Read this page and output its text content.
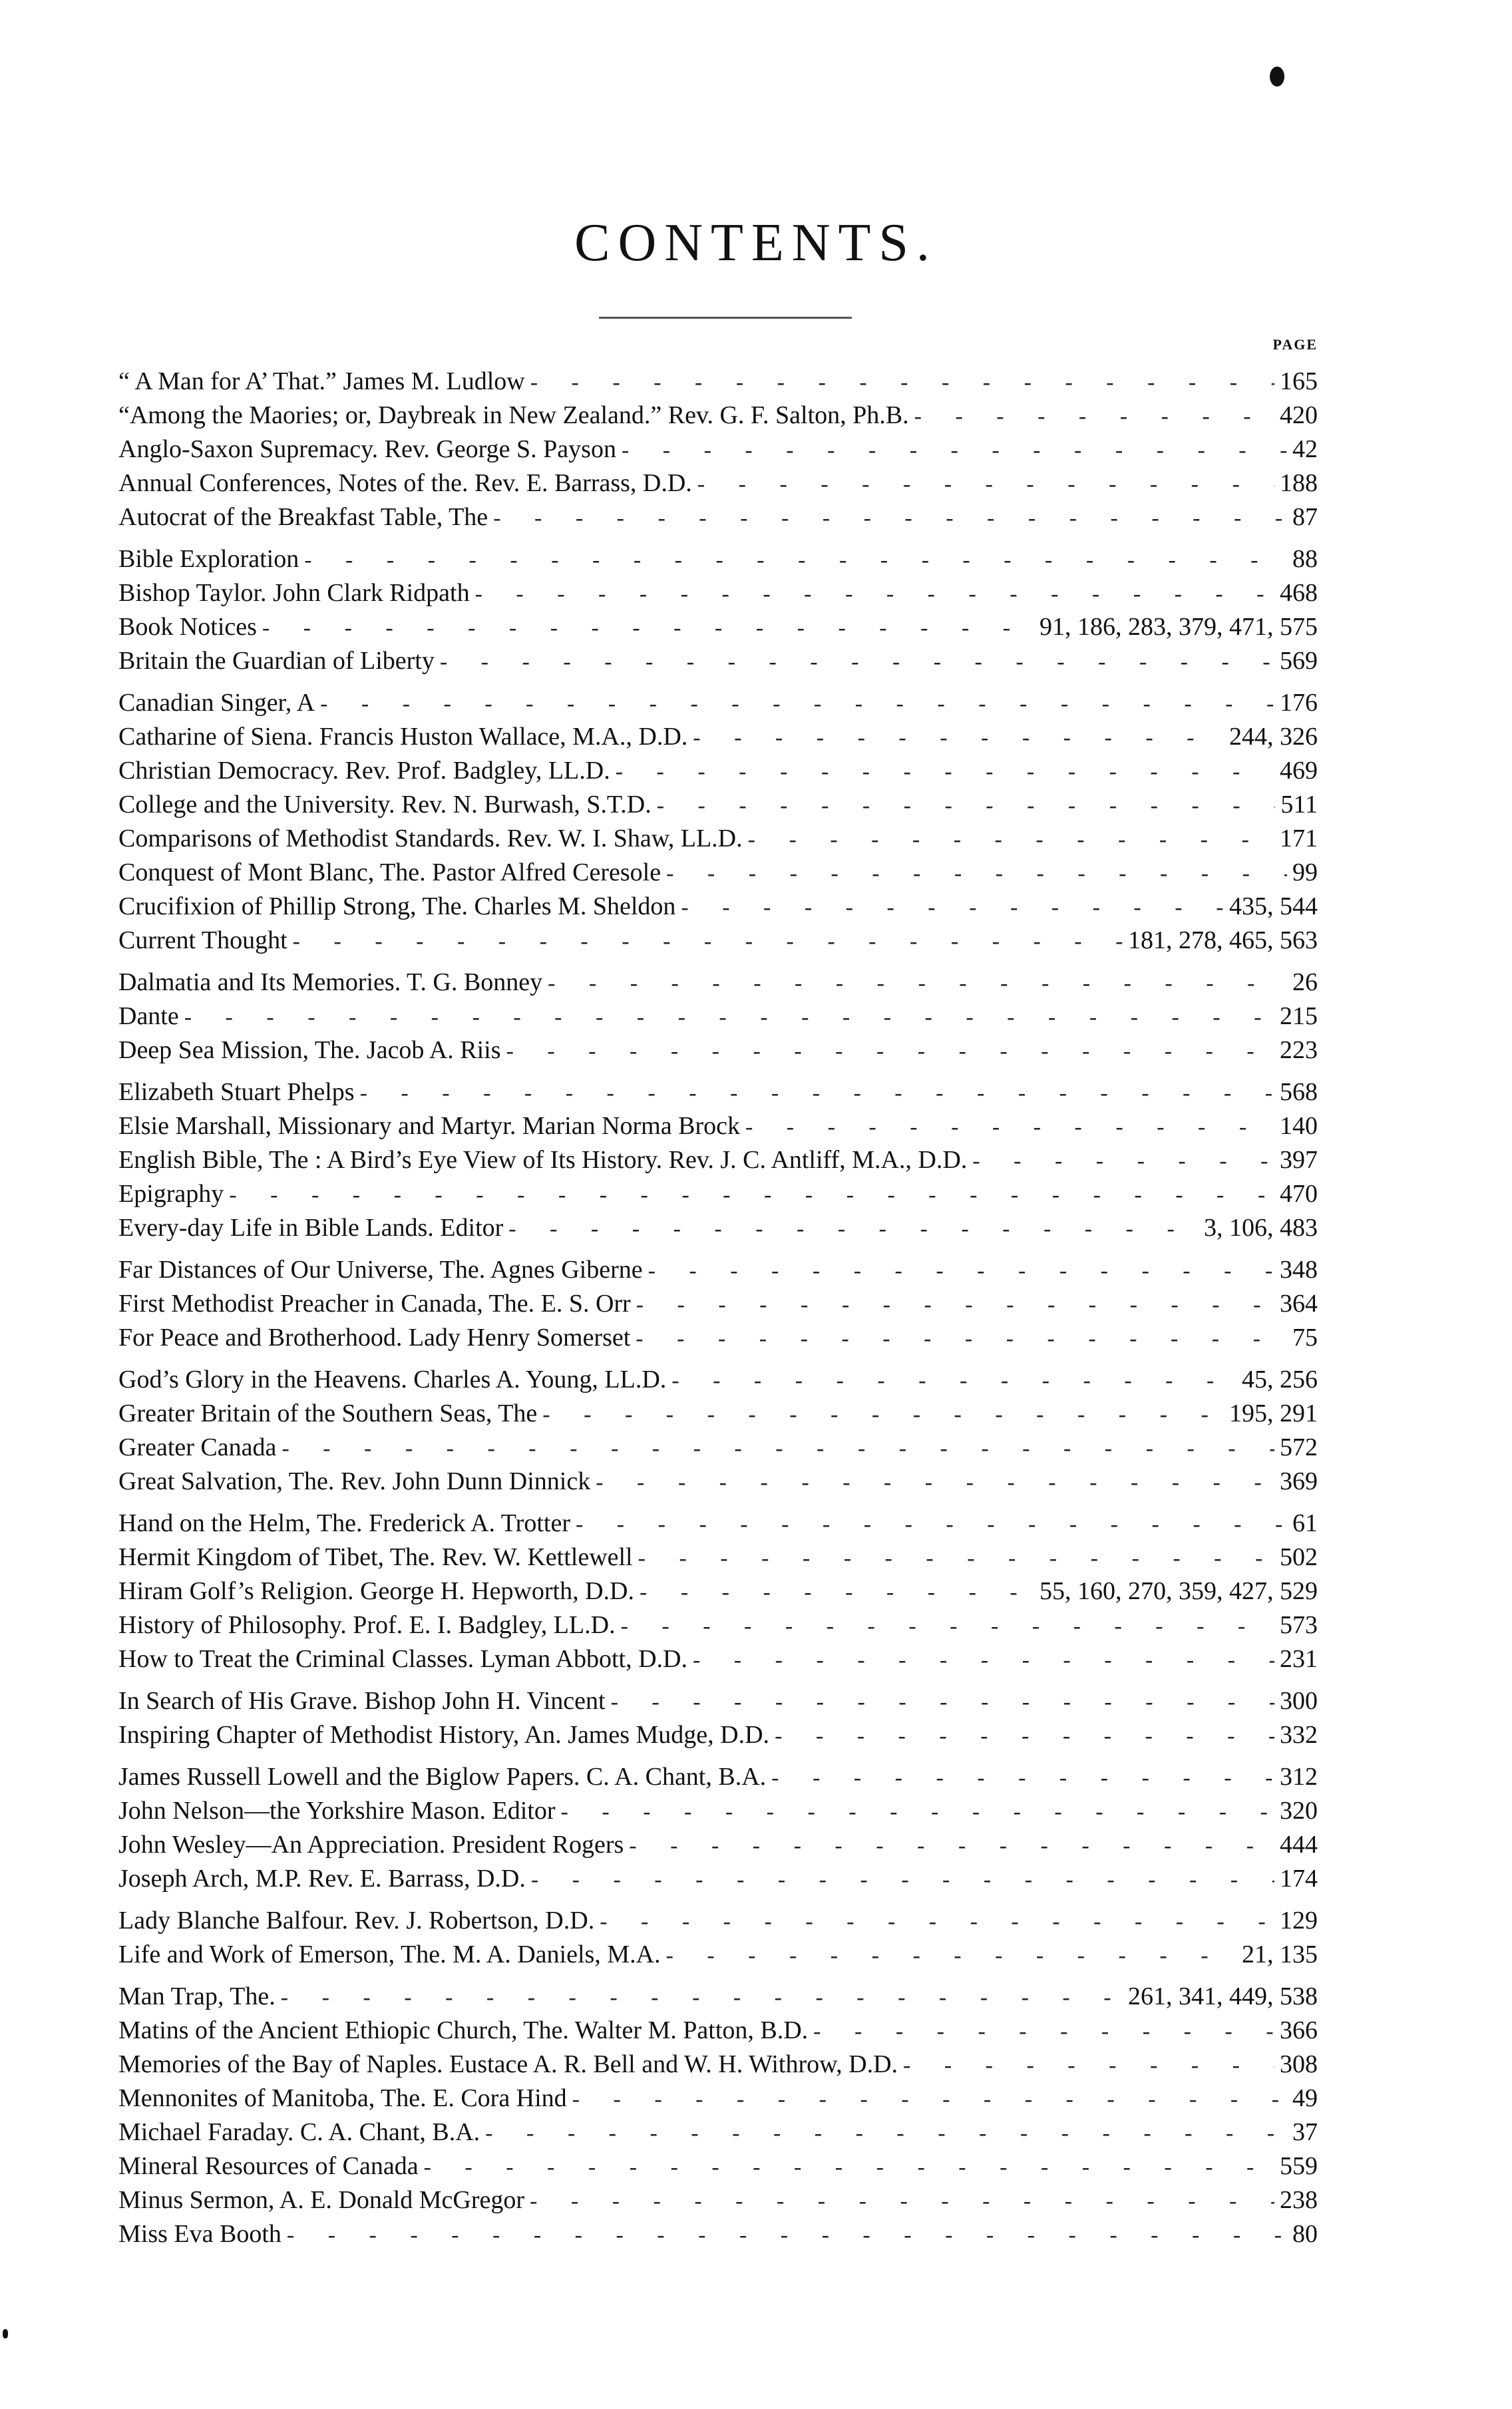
CONTENTS.
PAGE
“ A Man for A’ That.” James M. Ludlow - - -	165
“Among the Maories; or, Daybreak in New Zealand.” Rev. G. F. Salton, Ph.B. - - -	420
Anglo-Saxon Supremacy. Rev. George S. Payson - - -	42
Annual Conferences, Notes of the. Rev. E. Barrass, D.D. - - -	188
Autocrat of the Breakfast Table, The - - -	87
Bible Exploration - - -	88
Bishop Taylor. John Clark Ridpath - - -	468
Book Notices - - -	91, 186, 283, 379, 471, 575
Britain the Guardian of Liberty - - -	569
Canadian Singer, A - - -	176
Catharine of Siena. Francis Huston Wallace, M.A., D.D. - - -	244, 326
Christian Democracy. Rev. Prof. Badgley, LL.D. - - -	469
College and the University. Rev. N. Burwash, S.T.D. - - -	511
Comparisons of Methodist Standards. Rev. W. I. Shaw, LL.D. - - -	171
Conquest of Mont Blanc, The. Pastor Alfred Ceresole - - -	99
Crucifixion of Phillip Strong, The. Charles M. Sheldon - - -	435, 544
Current Thought - - -	181, 278, 465, 563
Dalmatia and Its Memories. T. G. Bonney - - -	26
Dante - - -	215
Deep Sea Mission, The. Jacob A. Riis - - -	223
Elizabeth Stuart Phelps - - -	568
Elsie Marshall, Missionary and Martyr. Marian Norma Brock - - -	140
English Bible, The : A Bird’s Eye View of Its History. Rev. J. C. Antliff, M.A., D.D. - - -	397
Epigraphy - - -	470
Every-day Life in Bible Lands. Editor - - -	3, 106, 483
Far Distances of Our Universe, The. Agnes Giberne - - -	348
First Methodist Preacher in Canada, The. E. S. Orr - - -	364
For Peace and Brotherhood. Lady Henry Somerset - - -	75
God’s Glory in the Heavens. Charles A. Young, LL.D. - - -	45, 256
Greater Britain of the Southern Seas, The - - -	195, 291
Greater Canada - - -	572
Great Salvation, The. Rev. John Dunn Dinnick - - -	369
Hand on the Helm, The. Frederick A. Trotter - - -	61
Hermit Kingdom of Tibet, The. Rev. W. Kettlewell - - -	502
Hiram Golf’s Religion. George H. Hepworth, D.D. - - -	55, 160, 270, 359, 427, 529
History of Philosophy. Prof. E. I. Badgley, LL.D. - - -	573
How to Treat the Criminal Classes. Lyman Abbott, D.D. - - -	231
In Search of His Grave. Bishop John H. Vincent - - -	300
Inspiring Chapter of Methodist History, An. James Mudge, D.D. - - -	332
James Russell Lowell and the Biglow Papers. C. A. Chant, B.A. - - -	312
John Nelson—the Yorkshire Mason. Editor - - -	320
John Wesley—An Appreciation. President Rogers - - -	444
Joseph Arch, M.P. Rev. E. Barrass, D.D. - - -	174
Lady Blanche Balfour. Rev. J. Robertson, D.D. - - -	129
Life and Work of Emerson, The. M. A. Daniels, M.A. - - -	21, 135
Man Trap, The. - - -	261, 341, 449, 538
Matins of the Ancient Ethiopic Church, The. Walter M. Patton, B.D. - - -	366
Memories of the Bay of Naples. Eustace A. R. Bell and W. H. Withrow, D.D. - - -	308
Mennonites of Manitoba, The. E. Cora Hind - - -	49
Michael Faraday. C. A. Chant, B.A. - - -	37
Mineral Resources of Canada - - -	559
Minus Sermon, A. E. Donald McGregor - - -	238
Miss Eva Booth - - -	80
